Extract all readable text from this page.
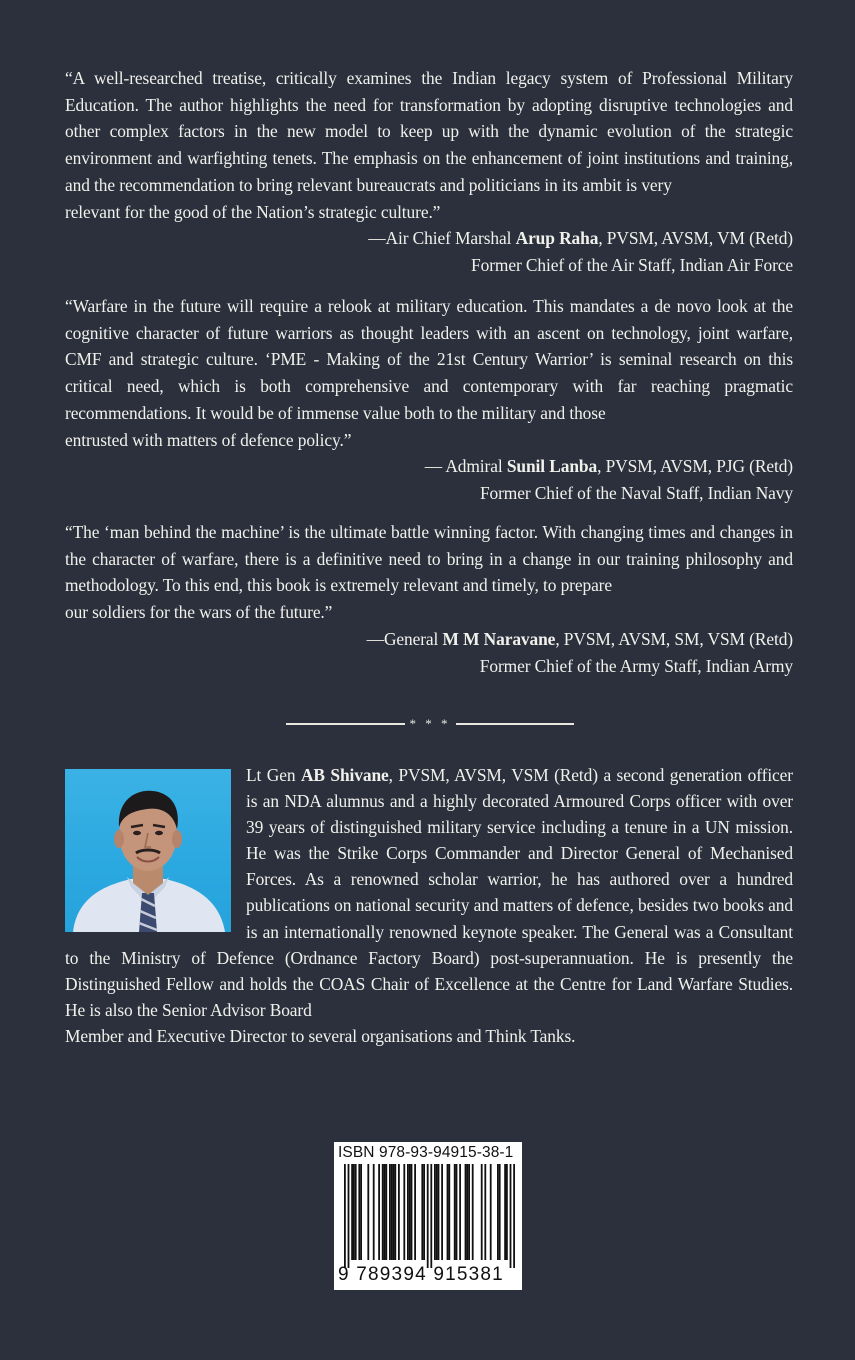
“A well-researched treatise, critically examines the Indian legacy system of Professional Military Education. The author highlights the need for transformation by adopting disruptive technologies and other complex factors in the new model to keep up with the dynamic evolution of the strategic environment and warfighting tenets. The emphasis on the enhancement of joint institutions and training, and the recommendation to bring relevant bureaucrats and politicians in its ambit is very

relevant for the good of the Nation’s strategic culture.”

—Air Chief Marshal Arup Raha, PVSM, AVSM, VM (Retd)

Former Chief of the Air Staff, Indian Air Force

“Warfare in the future will require a relook at military education. This mandates a de novo look at the cognitive character of future warriors as thought leaders with an ascent on technology, joint warfare, CMF and strategic culture. ‘PME - Making of the 21st Century Warrior’ is seminal research on this critical need, which is both comprehensive and contemporary with far reaching pragmatic recommendations. It would be of immense value both to the military and those

entrusted with matters of defence policy.”

— Admiral Sunil Lanba, PVSM, AVSM, PJG (Retd)

Former Chief of the Naval Staff, Indian Navy

“The ‘man behind the machine’ is the ultimate battle winning factor. With changing times and changes in the character of warfare, there is a definitive need to bring in a change in our training philosophy and methodology. To this end, this book is extremely relevant and timely, to prepare

our soldiers for the wars of the future.”

—General M M Naravane, PVSM, AVSM, SM, VSM (Retd)

Former Chief of the Army Staff, Indian Army

* * *
Lt Gen AB Shivane, PVSM, AVSM, VSM (Retd) a second generation officer is an NDA alumnus and a highly decorated Armoured Corps officer with over 39 years of distinguished military service including a tenure in a UN mission. He was the Strike Corps Commander and Director General of Mechanised Forces. As a renowned scholar warrior, he has authored over a hundred publications on national security and matters of defence, besides two books and is an internationally renowned keynote speaker. The General was a Consultant to the Ministry of Defence (Ordnance Factory Board) post-superannuation. He is presently the Distinguished Fellow and holds the COAS Chair of Excellence at the Centre for Land Warfare Studies. He is also the Senior Advisor Board
Member and Executive Director to several organisations and Think Tanks.
ISBN 978-93-94915-38-1
9 789394 915381
